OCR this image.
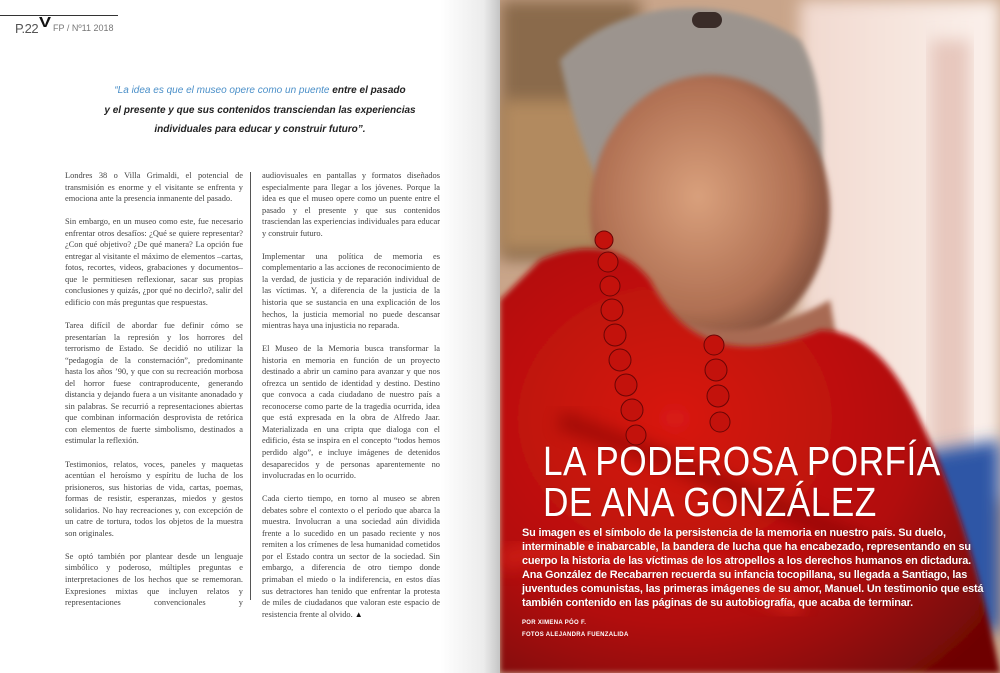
P.22 V FP / Nº11 2018
“La idea es que el museo opere como un puente entre el pasado
y el presente y que sus contenidos transciendan las experiencias
individuales para educar y construir futuro”.

Londres 38 o Villa Grimaldi, el potencial de transmisión es enorme y el visitante se enfrenta y emociona ante la presencia inmanente del pasado.

Sin embargo, en un museo como este, fue necesario enfrentar otros desafíos: ¿Qué se quiere representar? ¿Con qué objetivo? ¿De qué manera? La opción fue entregar al visitante el máximo de elementos –cartas, fotos, recortes, videos, grabaciones y documentos– que le permitiesen reflexionar, sacar sus propias conclusiones y quizás, ¿por qué no decirlo?, salir del edificio con más preguntas que respuestas.

Tarea difícil de abordar fue definir cómo se presentarían la represión y los horrores del terrorismo de Estado. Se decidió no utilizar la “pedagogía de la consternación”, predominante hasta los años ’90, y que con su recreación morbosa del horror fuese contraproducente, generando distancia y dejando fuera a un visitante anonadado y sin palabras. Se recurrió a representaciones abiertas que combinan información desprovista de retórica con elementos de fuerte simbolismo, destinados a estimular la reflexión.

Testimonios, relatos, voces, paneles y maquetas acentúan el heroísmo y espíritu de lucha de los prisioneros, sus historias de vida, cartas, poemas, formas de resistir, esperanzas, miedos y gestos solidarios. No hay recreaciones y, con excepción de un catre de tortura, todos los objetos de la muestra son originales.

Se optó también por plantear desde un lenguaje simbólico y poderoso, múltiples preguntas e interpretaciones de los hechos que se rememoran. Expresiones mixtas que incluyen relatos y representaciones convencionales y

audiovisuales en pantallas y formatos diseñados especialmente para llegar a los jóvenes. Porque la idea es que el museo opere como un puente entre el pasado y el presente y que sus contenidos trasciendan las experiencias individuales para educar y construir futuro.

Implementar una política de memoria es complementario a las acciones de reconocimiento de la verdad, de justicia y de reparación individual de las víctimas. Y, a diferencia de la justicia de la historia que se sustancia en una explicación de los hechos, la justicia memorial no puede descansar mientras haya una injusticia no reparada.

El Museo de la Memoria busca transformar la historia en memoria en función de un proyecto destinado a abrir un camino para avanzar y que nos ofrezca un sentido de identidad y destino. Destino que convoca a cada ciudadano de nuestro país a reconocerse como parte de la tragedia ocurrida, idea que está expresada en la obra de Alfredo Jaar. Materializada en una cripta que dialoga con el edificio, ésta se inspira en el concepto “todos hemos perdido algo”, e incluye imágenes de detenidos desaparecidos y de personas aparentemente no involucradas en lo ocurrido.

Cada cierto tiempo, en torno al museo se abren debates sobre el contexto o el período que abarca la muestra. Involucran a una sociedad aún dividida frente a lo sucedido en un pasado reciente y nos remiten a los crímenes de lesa humanidad cometidos por el Estado contra un sector de la sociedad. Sin embargo, a diferencia de otro tiempo donde primaban el miedo o la indiferencia, en estos días sus detractores han tenido que enfrentar la protesta de miles de ciudadanos que valoran este espacio de resistencia frente al olvido. ▲

LA PODEROSA PORFÍA
DE ANA GONZÁLEZ
Su imagen es el símbolo de la persistencia de la memoria en nuestro país. Su duelo, interminable e inabarcable, la bandera de lucha que ha encabezado, representando en su cuerpo la historia de las víctimas de los atropellos a los derechos humanos en dictadura. Ana González de Recabarren recuerda su infancia tocopillana, su llegada a Santiago, las juventudes comunistas, las primeras imágenes de su amor, Manuel. Un testimonio que está también contenido en las páginas de su autobiografía, que acaba de terminar.
POR XIMENA PÓO F.
FOTOS ALEJANDRA FUENZALIDA
